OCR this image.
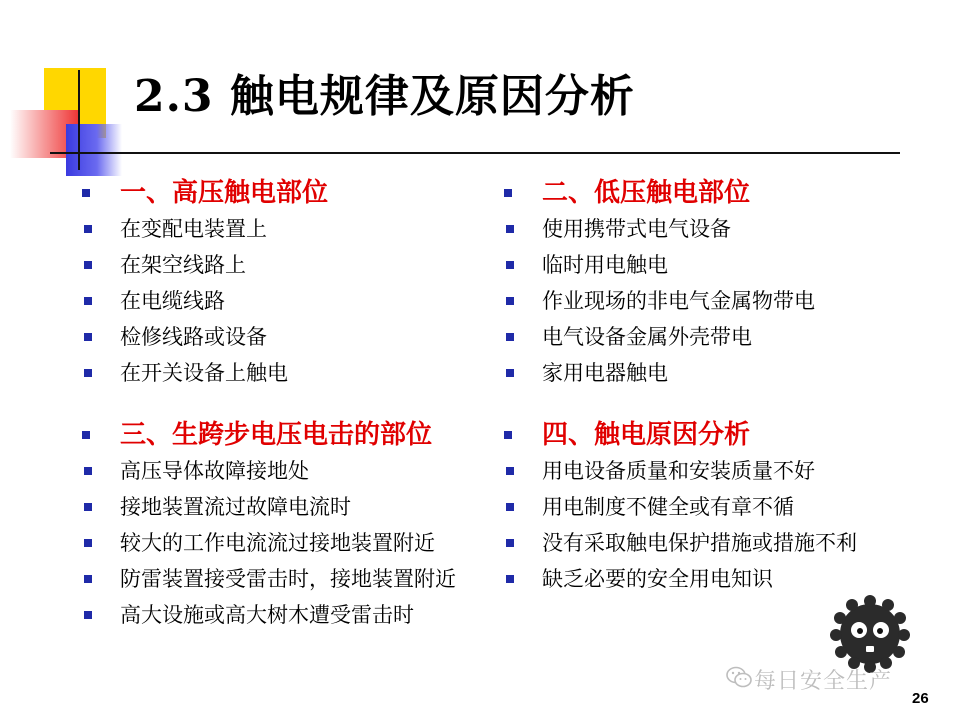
2.3 触电规律及原因分析
一、高压触电部位
在变配电装置上
在架空线路上
在电缆线路
检修线路或设备
在开关设备上触电
二、低压触电部位
使用携带式电气设备
临时用电触电
作业现场的非电气金属物带电
电气设备金属外壳带电
家用电器触电
三、生跨步电压电击的部位
高压导体故障接地处
接地装置流过故障电流时
较大的工作电流流过接地装置附近
防雷装置接受雷击时，接地装置附近
高大设施或高大树木遭受雷击时
四、触电原因分析
用电设备质量和安装质量不好
用电制度不健全或有章不循
没有采取触电保护措施或措施不利
缺乏必要的安全用电知识
每日安全生产
26
